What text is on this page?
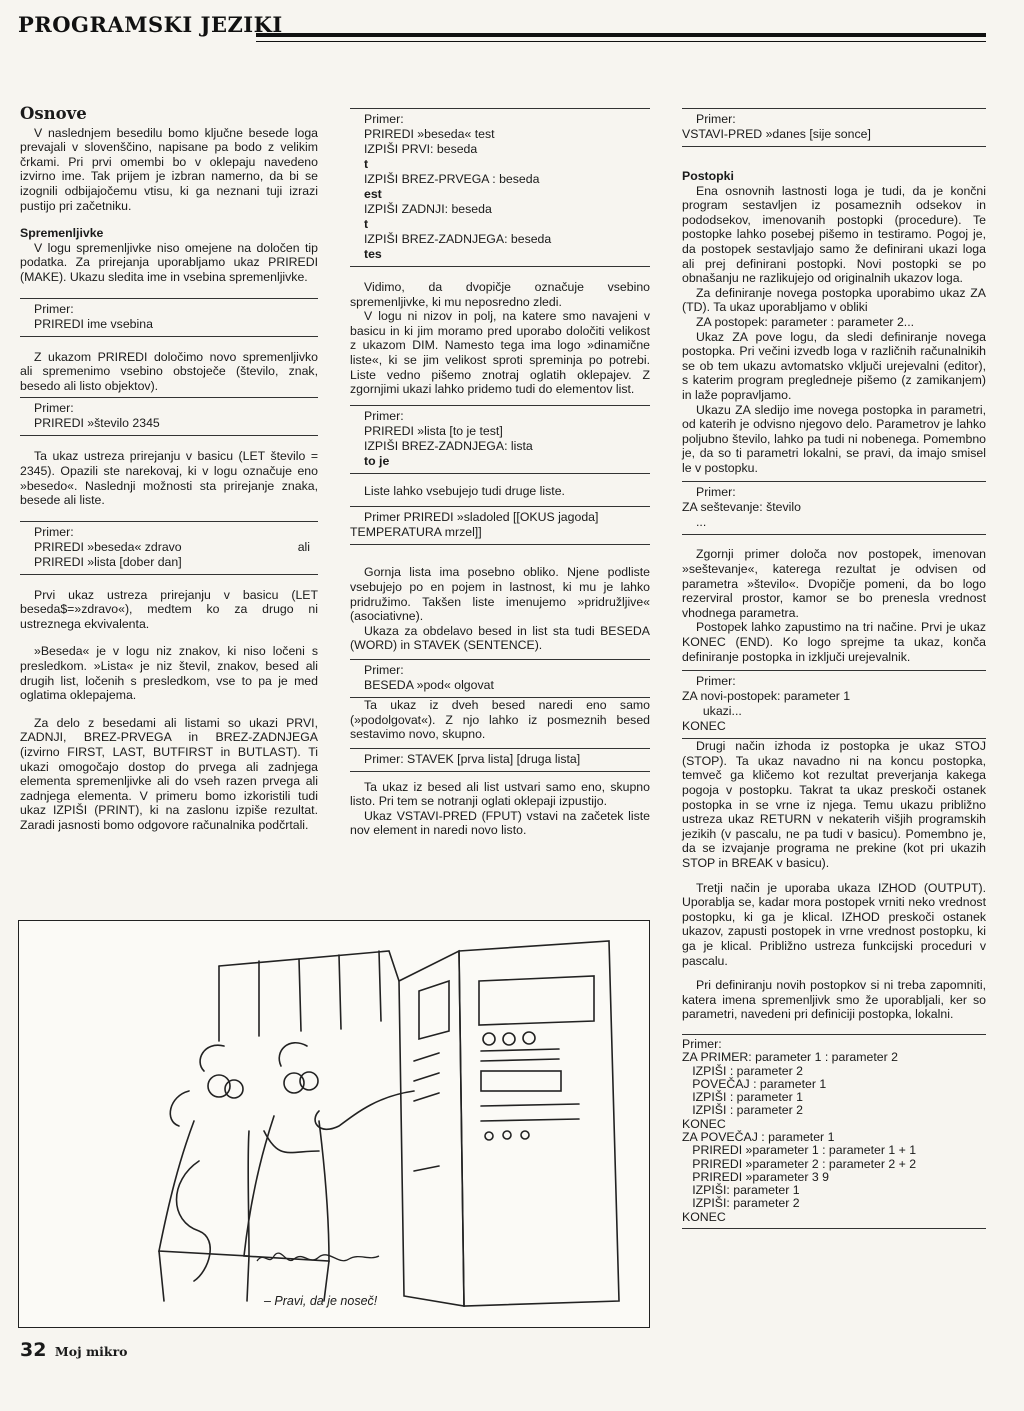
PROGRAMSKI JEZIKI
Osnove

V naslednjem besedilu bomo ključne besede loga prevajali v slovenščino, napisane pa bodo z velikim črkami. Pri prvi omembi bo v oklepaju navedeno izvirno ime. Tak prijem je izbran namerno, da bi se izognili odbijajočemu vtisu, ki ga neznani tuji izrazi pustijo pri začetniku.

Spremenljivke

V logu spremenljivke niso omejene na določen tip podatka. Za prirejanja uporabljamo ukaz PRIREDI (MAKE). Ukazu sledita ime in vsebina spremenljivke.

Primer:
PRIREDI ime vsebina

Z ukazom PRIREDI določimo novo spremenljivko ali spremenimo vsebino obstoječe (število, znak, besedo ali listo objektov).

Primer:
PRIREDI »število 2345

Ta ukaz ustreza prirejanju v basicu (LET število = 2345). Opazili ste narekovaj, ki v logu označuje eno »besedo«. Naslednji možnosti sta prirejanje znaka, besede ali liste.

Primer:
PRIREDI »beseda« zdravo	ali
PRIREDI »lista [dober dan]

Prvi ukaz ustreza prirejanju v basicu (LET beseda$=»zdravo«), medtem ko za drugo ni ustreznega ekvivalenta.

»Beseda« je v logu niz znakov, ki niso ločeni s presledkom. »Lista« je niz števil, znakov, besed ali drugih list, ločenih s presledkom, vse to pa je med oglatima oklepajema.

Za delo z besedami ali listami so ukazi PRVI, ZADNJI, BREZ-PRVEGA in BREZ-ZADNJEGA (izvirno FIRST, LAST, BUTFIRST in BUTLAST). Ti ukazi omogočajo dostop do prvega ali zadnjega elementa spremenljivke ali do vseh razen prvega ali zadnjega elementa. V primeru bomo izkoristili tudi ukaz IZPIŠI (PRINT), ki na zaslonu izpiše rezultat. Zaradi jasnosti bomo odgovore računalnika podčrtali.

Primer:
PRIREDI »beseda« test
IZPIŠI PRVI: beseda
t
IZPIŠI BREZ-PRVEGA : beseda
est
IZPIŠI ZADNJI: beseda
t
IZPIŠI BREZ-ZADNJEGA: beseda
tes

Vidimo, da dvopičje označuje vsebino spremenljivke, ki mu neposredno zledi.

V logu ni nizov in polj, na katere smo navajeni v basicu in ki jim moramo pred uporabo določiti velikost z ukazom DIM. Namesto tega ima logo »dinamične liste«, ki se jim velikost sproti spreminja po potrebi. Liste vedno pišemo znotraj oglatih oklepajev. Z zgornjimi ukazi lahko pridemo tudi do elementov list.

Primer:
PRIREDI »lista [to je test]
IZPIŠI BREZ-ZADNJEGA: lista
to je

Liste lahko vsebujejo tudi druge liste.

Primer PRIREDI »sladoled [[OKUS jagoda]
TEMPERATURA mrzel]]

Gornja lista ima posebno obliko. Njene podliste vsebujejo po en pojem in lastnost, ki mu je lahko pridružimo. Takšen liste imenujemo »pridružljive« (asociativne).

Ukaza za obdelavo besed in list sta tudi BESEDA (WORD) in STAVEK (SENTENCE).

Primer:
BESEDA »pod« olgovat

Ta ukaz iz dveh besed naredi eno samo (»podolgovat«). Z njo lahko iz posmeznih besed sestavimo novo, skupno.

Primer: STAVEK [prva lista] [druga lista]

Ta ukaz iz besed ali list ustvari samo eno, skupno listo. Pri tem se notranji oglati oklepaji izpustijo.

Ukaz VSTAVI-PRED (FPUT) vstavi na začetek liste nov element in naredi novo listo.

Primer:
VSTAVI-PRED »danes [sije sonce]
Postopki

Ena osnovnih lastnosti loga je tudi, da je končni program sestavljen iz posameznih odsekov in pododsekov, imenovanih postopki (procedure). Te postopke lahko posebej pišemo in testiramo. Pogoj je, da postopek sestavljajo samo že definirani ukazi loga ali prej definirani postopki. Novi postopki se po obnašanju ne razlikujejo od originalnih ukazov loga.

Za definiranje novega postopka uporabimo ukaz ZA (TD). Ta ukaz uporabljamo v obliki

ZA postopek: parameter : parameter 2...

Ukaz ZA pove logu, da sledi definiranje novega postopka. Pri večini izvedb loga v različnih računalnikih se ob tem ukazu avtomatsko vključi urejevalni (editor), s katerim program pregledneje pišemo (z zamikanjem) in laže popravljamo.

Ukazu ZA sledijo ime novega postopka in parametri, od katerih je odvisno njegovo delo. Parametrov je lahko poljubno število, lahko pa tudi ni nobenega. Pomembno je, da so ti parametri lokalni, se pravi, da imajo smisel le v postopku.

Primer:
ZA seštevanje: število
...

Zgornji primer določa nov postopek, imenovan »seštevanje«, katerega rezultat je odvisen od parametra »število«. Dvopičje pomeni, da bo logo rezerviral prostor, kamor se bo prenesla vrednost vhodnega parametra.

Postopek lahko zapustimo na tri načine. Prvi je ukaz KONEC (END). Ko logo sprejme ta ukaz, konča definiranje postopka in izključi urejevalnik.

Primer:
ZA novi-postopek: parameter 1
ukazi...
KONEC

Drugi način izhoda iz postopka je ukaz STOJ (STOP). Ta ukaz navadno ni na koncu postopka, temveč ga kličemo kot rezultat preverjanja kakega pogoja v postopku. Takrat ta ukaz preskoči ostanek postopka in se vrne iz njega. Temu ukazu približno ustreza ukaz RETURN v nekaterih višjih programskih jezikih (v pascalu, ne pa tudi v basicu). Pomembno je, da se izvajanje programa ne prekine (kot pri ukazih STOP in BREAK v basicu).

Tretji način je uporaba ukaza IZHOD (OUTPUT). Uporablja se, kadar mora postopek vrniti neko vrednost postopku, ki ga je klical. IZHOD preskoči ostanek ukazov, zapusti postopek in vrne vrednost postopku, ki ga je klical. Približno ustreza funkcijski proceduri v pascalu.

Pri definiranju novih postopkov si ni treba zapomniti, katera imena spremenljivk smo že uporabljali, ker so parametri, navedeni pri definiciji postopka, lokalni.

Primer:
ZA PRIMER: parameter 1 : parameter 2
IZPIŠI : parameter 2
POVEČAJ : parameter 1
IZPIŠI : parameter 1
IZPIŠI : parameter 2
KONEC
ZA POVEČAJ : parameter 1
PRIREDI »parameter 1 : parameter 1 + 1
PRIREDI »parameter 2 : parameter 2 + 2
PRIREDI »parameter 3 9
IZPIŠI: parameter 1
IZPIŠI: parameter 2
KONEC
– Pravi, da je noseč!
32 Moj mikro
